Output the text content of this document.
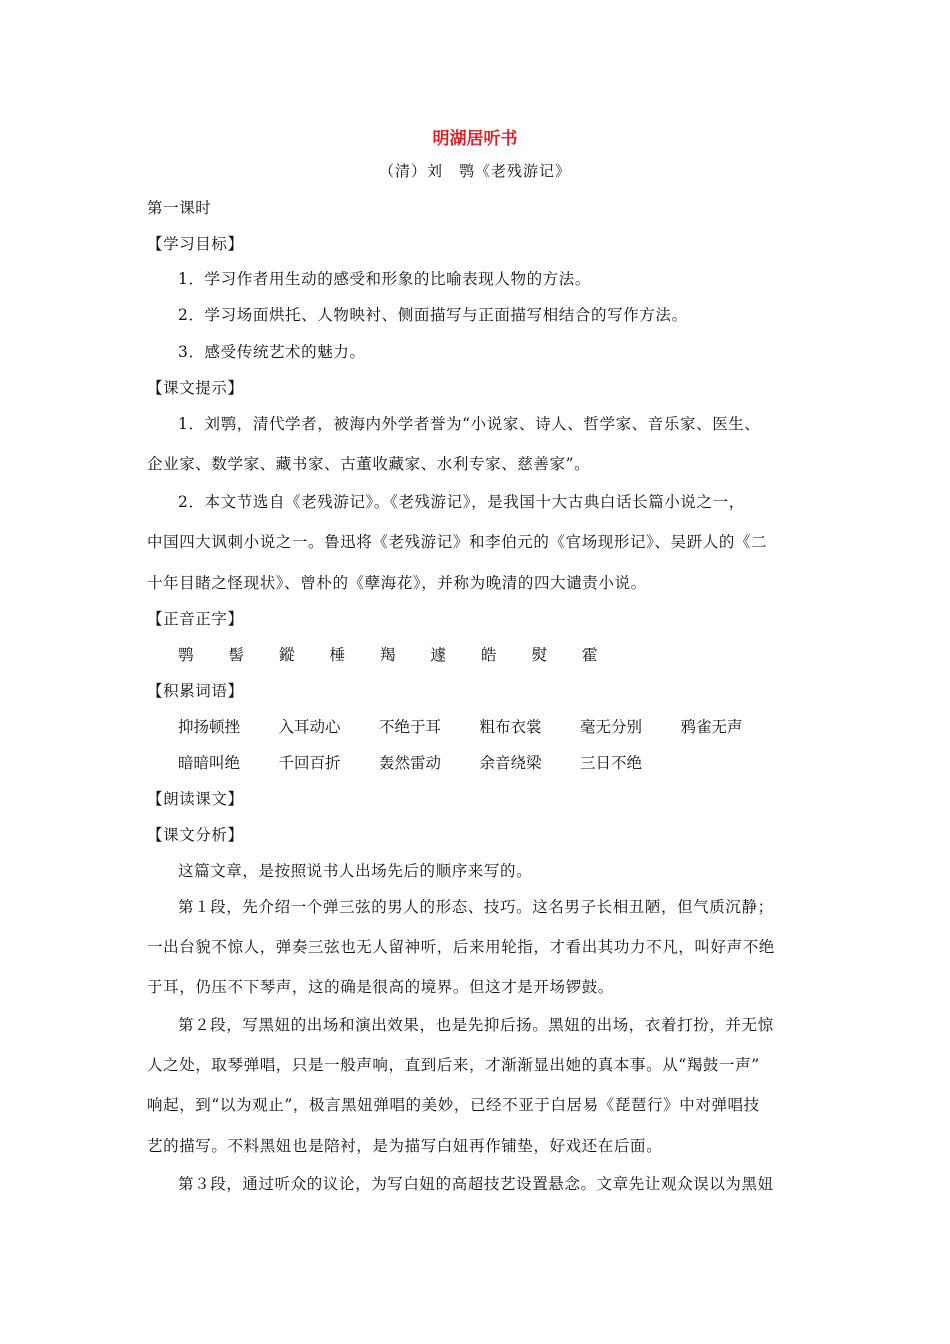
明湖居听书
（清）刘　鹗《老残游记》
第一课时
【学习目标】
1．学习作者用生动的感受和形象的比喻表现人物的方法。
2．学习场面烘托、人物映衬、侧面描写与正面描写相结合的写作方法。
3．感受传统艺术的魅力。
【课文提示】
1．刘鹗，清代学者，被海内外学者誉为“小说家、诗人、哲学家、音乐家、医生、
企业家、数学家、藏书家、古董收藏家、水利专家、慈善家”。
2．本文节选自《老残游记》。《老残游记》，是我国十大古典白话长篇小说之一，
中国四大讽刺小说之一。鲁迅将《老残游记》和李伯元的《官场现形记》、吴趼人的《二
十年目睹之怪现状》、曾朴的《孽海花》，并称为晚清的四大谴责小说。
【正音正字】
鹗 髻 鏦 棰 羯 遽 皓 熨 霍
【积累词语】
抑扬顿挫 入耳动心 不绝于耳 粗布衣裳 毫无分别 鸦雀无声
暗暗叫绝 千回百折 轰然雷动 余音绕梁 三日不绝
【朗读课文】
【课文分析】
这篇文章，是按照说书人出场先后的顺序来写的。
第１段，先介绍一个弹三弦的男人的形态、技巧。这名男子长相丑陋，但气质沉静；
一出台貌不惊人，弹奏三弦也无人留神听，后来用轮指，才看出其功力不凡，叫好声不绝
于耳，仍压不下琴声，这的确是很高的境界。但这才是开场锣鼓。
第２段，写黑妞的出场和演出效果，也是先抑后扬。黑妞的出场，衣着打扮，并无惊
人之处，取琴弹唱，只是一般声响，直到后来，才渐渐显出她的真本事。从“羯鼓一声”
响起，到“以为观止”，极言黑妞弹唱的美妙，已经不亚于白居易《琵琶行》中对弹唱技
艺的描写。不料黑妞也是陪衬，是为描写白妞再作铺垫，好戏还在后面。
第３段，通过听众的议论，为写白妞的高超技艺设置悬念。文章先让观众误以为黑妞
